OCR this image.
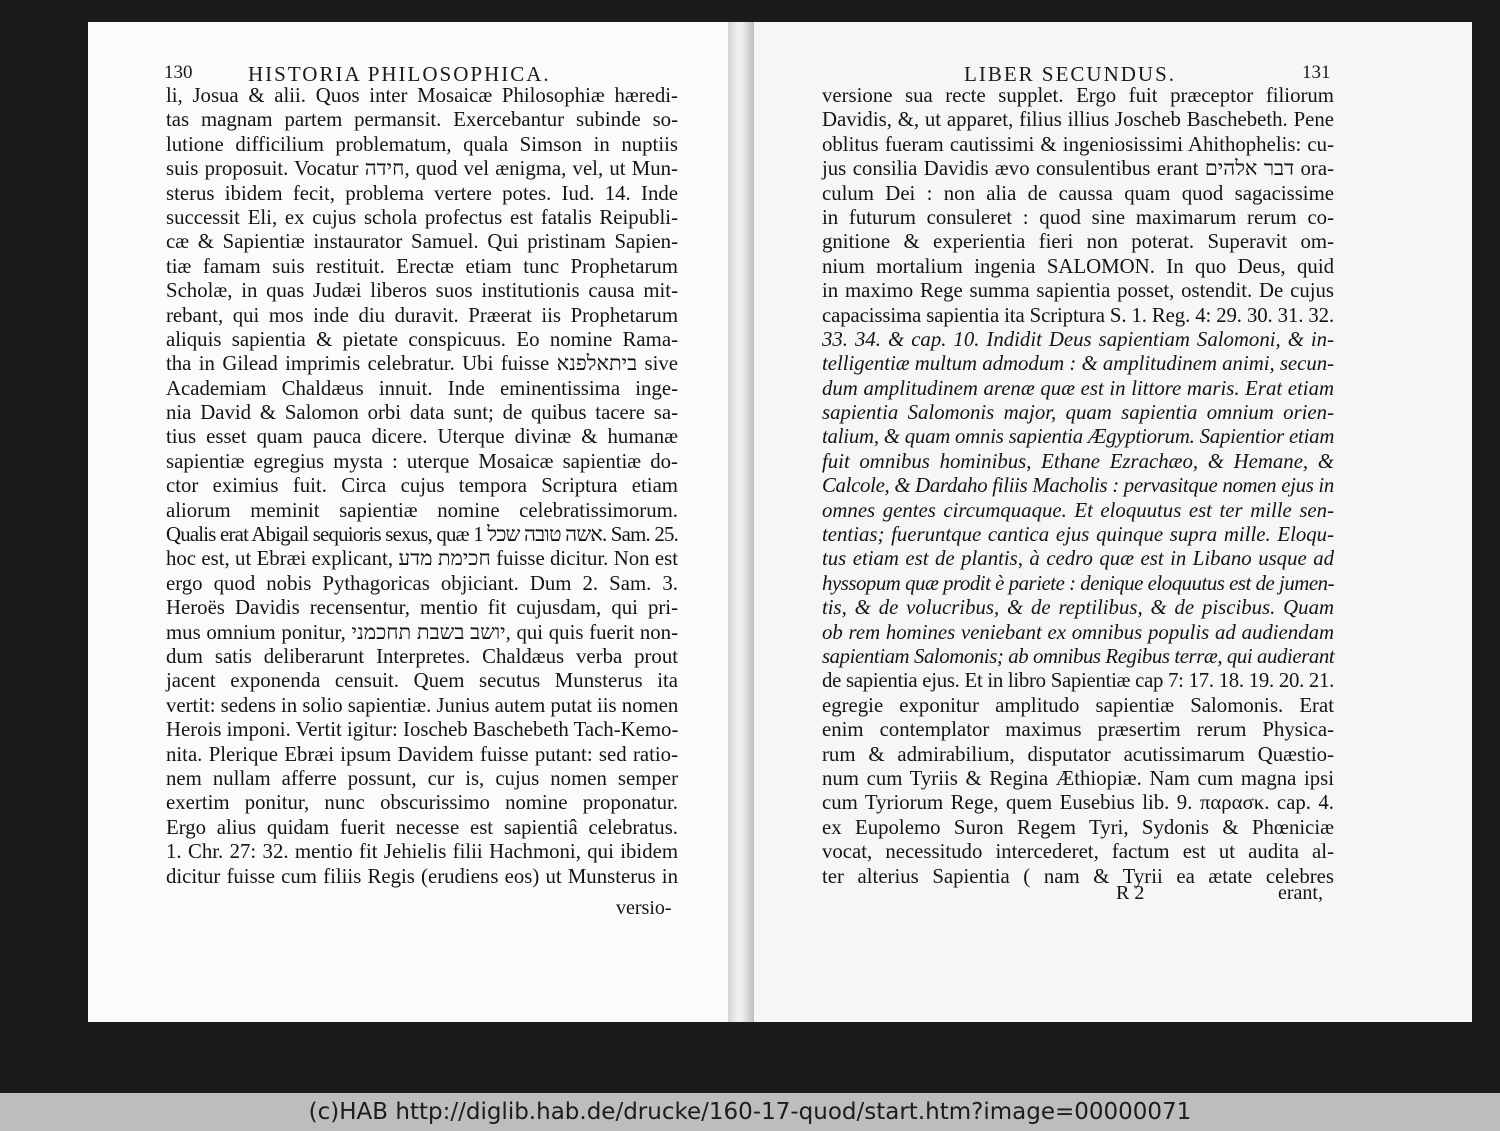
130	HISTORIA PHILOSOPHICA.
li, Josua & alii. Quos inter Mosaicæ Philosophiæ hæredi-
tas magnam partem permansit. Exercebantur subinde so-
lutione difficilium problematum, quala Simson in nuptiis
suis proposuit. Vocatur חידה, quod vel ænigma, vel, ut Mun-
sterus ibidem fecit, problema vertere potes. Iud. 14. Inde
successit Eli, ex cujus schola profectus est fatalis Reipubli-
cæ & Sapientiæ instaurator Samuel. Qui pristinam Sapien-
tiæ famam suis restituit. Erectæ etiam tunc Prophetarum
Scholæ, in quas Judæi liberos suos institutionis causa mit-
rebant, qui mos inde diu duravit. Præerat iis Prophetarum
aliquis sapientia & pietate conspicuus. Eo nomine Rama-
tha in Gilead imprimis celebratur. Ubi fuisse ביתאלפנא sive
Academiam Chaldæus innuit. Inde eminentissima inge-
nia David & Salomon orbi data sunt; de quibus tacere sa-
tius esset quam pauca dicere. Uterque divinæ & humanæ
sapientiæ egregius mysta : uterque Mosaicæ sapientiæ do-
ctor eximius fuit. Circa cujus tempora Scriptura etiam
aliorum meminit sapientiæ nomine celebratissimorum.
Qualis erat Abigail sequioris sexus, quæ אשה טובה שכל 1. Sam. 25.
hoc est, ut Ebræi explicant, חכימת מדע fuisse dicitur. Non est
ergo quod nobis Pythagoricas objiciant. Dum 2. Sam. 3.
Heroës Davidis recensentur, mentio fit cujusdam, qui pri-
mus omnium ponitur, יושב בשבת תחכמני, qui quis fuerit non-
dum satis deliberarunt Interpretes. Chaldæus verba prout
jacent exponenda censuit. Quem secutus Munsterus ita
vertit: sedens in solio sapientiæ. Junius autem putat iis nomen
Herois imponi. Vertit igitur: Ioscheb Baschebeth Tach-Kemo-
nita. Plerique Ebræi ipsum Davidem fuisse putant: sed ratio-
nem nullam afferre possunt, cur is, cujus nomen semper
exertim ponitur, nunc obscurissimo nomine proponatur.
Ergo alius quidam fuerit necesse est sapientiâ celebratus.
1. Chr. 27: 32. mentio fit Jehielis filii Hachmoni, qui ibidem
dicitur fuisse cum filiis Regis (erudiens eos) ut Munsterus in
versio-
LIBER SECUNDUS.	131
versione sua recte supplet. Ergo fuit præceptor filiorum
Davidis, &, ut apparet, filius illius Joscheb Baschebeth. Pene
oblitus fueram cautissimi & ingeniosissimi Ahithophelis: cu-
jus consilia Davidis ævo consulentibus erant דבר אלהים ora-
culum Dei : non alia de caussa quam quod sagacissime
in futurum consuleret : quod sine maximarum rerum co-
gnitione & experientia fieri non poterat. Superavit om-
nium mortalium ingenia SALOMON. In quo Deus, quid
in maximo Rege summa sapientia posset, ostendit. De cujus
capacissima sapientia ita Scriptura S. 1. Reg. 4: 29. 30. 31. 32.
33. 34. & cap. 10. Indidit Deus sapientiam Salomoni, & in-
telligentiæ multum admodum : & amplitudinem animi, secun-
dum amplitudinem arenæ quæ est in littore maris. Erat etiam
sapientia Salomonis major, quam sapientia omnium orien-
talium, & quam omnis sapientia Ægyptiorum. Sapientior etiam
fuit omnibus hominibus, Ethane Ezrachæo, & Hemane, &
Calcole, & Dardaho filiis Macholis : pervasitque nomen ejus in
omnes gentes circumquaque. Et eloquutus est ter mille sen-
tentias; fueruntque cantica ejus quinque supra mille. Eloqu-
tus etiam est de plantis, à cedro quæ est in Libano usque ad
hyssopum quæ prodit è pariete : denique eloquutus est de jumen-
tis, & de volucribus, & de reptilibus, & de piscibus. Quam
ob rem homines veniebant ex omnibus populis ad audiendam
sapientiam Salomonis; ab omnibus Regibus terræ, qui audierant
de sapientia ejus. Et in libro Sapientiæ cap 7: 17. 18. 19. 20. 21.
egregie exponitur amplitudo sapientiæ Salomonis. Erat
enim contemplator maximus præsertim rerum Physica-
rum & admirabilium, disputator acutissimarum Quæstio-
num cum Tyriis & Regina Æthiopiæ. Nam cum magna ipsi
cum Tyriorum Rege, quem Eusebius lib. 9. παρασκ. cap. 4.
ex Eupolemo Suron Regem Tyri, Sydonis & Phœniciæ
vocat, necessitudo intercederet, factum est ut audita al-
ter alterius Sapientia ( nam & Tyrii ea ætate celebres
R 2	erant,
(c)HAB http://diglib.hab.de/drucke/160-17-quod/start.htm?image=00000071
